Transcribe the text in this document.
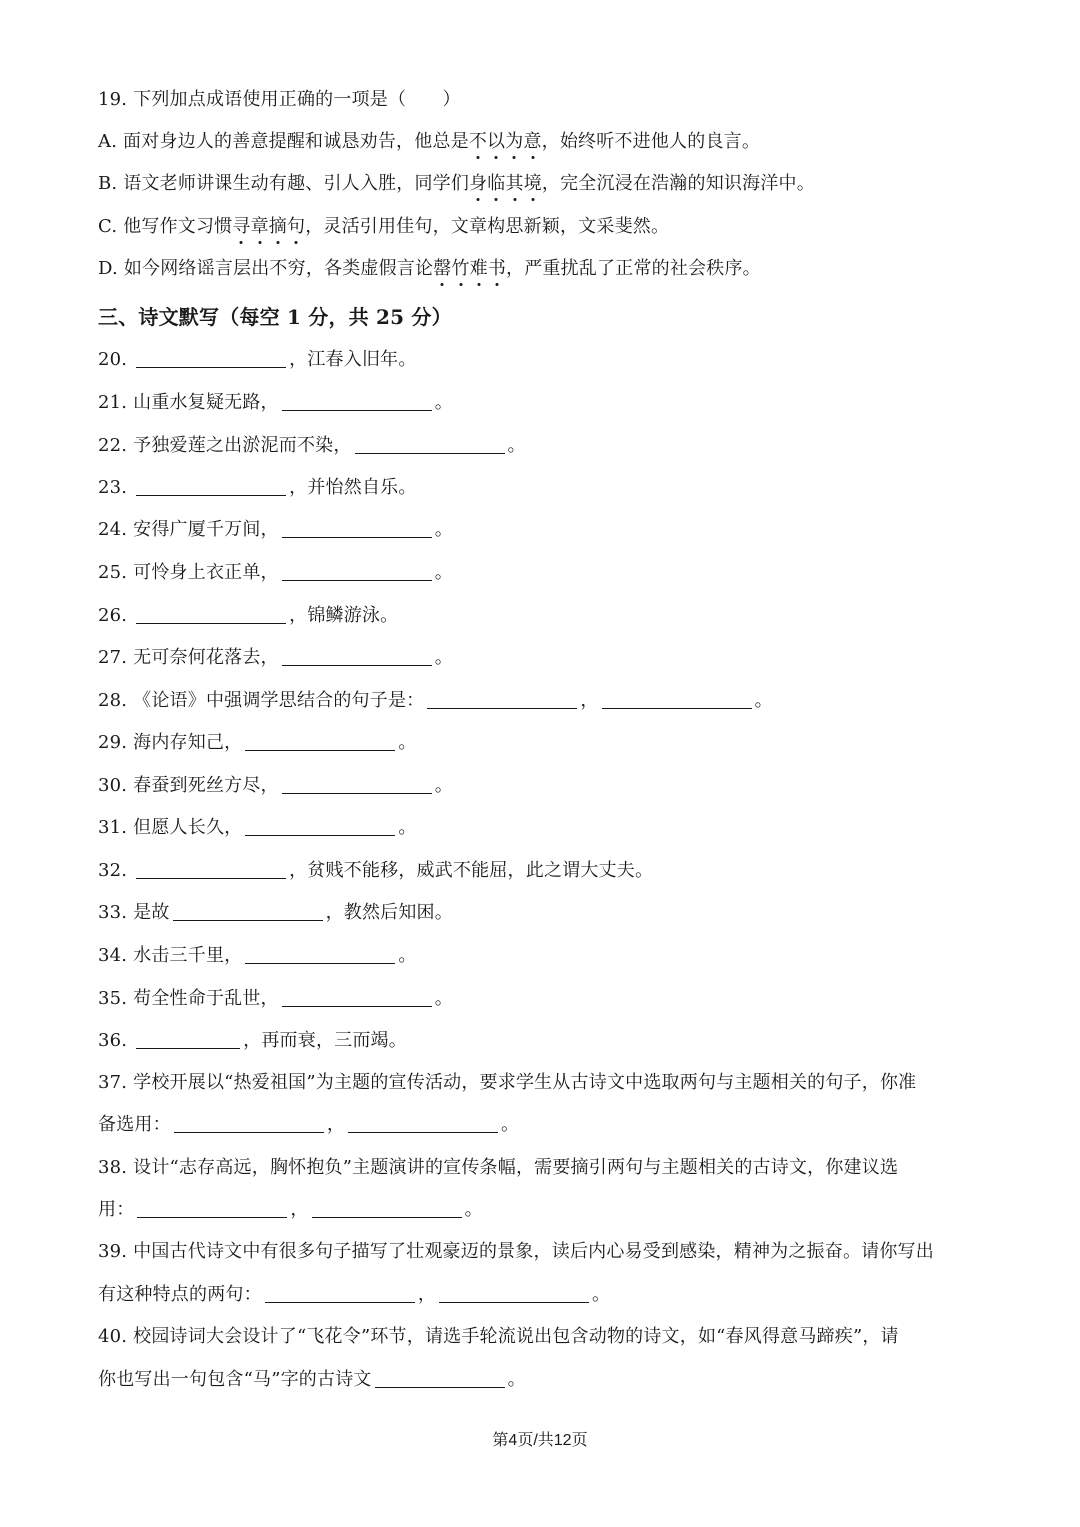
19. 下列加点成语使用正确的一项是（　　）
A. 面对身边人的善意提醒和诚恳劝告，他总是不以为意，始终听不进他人的良言。
B. 语文老师讲课生动有趣、引人入胜，同学们身临其境，完全沉浸在浩瀚的知识海洋中。
C. 他写作文习惯寻章摘句，灵活引用佳句，文章构思新颖，文采斐然。
D. 如今网络谣言层出不穷，各类虚假言论罄竹难书，严重扰乱了正常的社会秩序。
三、诗文默写（每空 1 分，共 25 分）
20.	，江春入旧年。
21. 山重水复疑无路，	。
22. 予独爱莲之出淤泥而不染，	。
23.	，并怡然自乐。
24. 安得广厦千万间，	。
25. 可怜身上衣正单，	。
26.	，锦鳞游泳。
27. 无可奈何花落去，	。
28. 《论语》中强调学思结合的句子是：	，	。
29. 海内存知己，	。
30. 春蚕到死丝方尽，	。
31. 但愿人长久，	。
32.	，贫贱不能移，威武不能屈，此之谓大丈夫。
33. 是故	，教然后知困。
34. 水击三千里，	。
35. 苟全性命于乱世，	。
36.	，再而衰，三而竭。
37. 学校开展以“热爱祖国”为主题的宣传活动，要求学生从古诗文中选取两句与主题相关的句子，你准
备选用：	，	。
38. 设计“志存高远，胸怀抱负”主题演讲的宣传条幅，需要摘引两句与主题相关的古诗文，你建议选
用：	，	。
39. 中国古代诗文中有很多句子描写了壮观豪迈的景象，读后内心易受到感染，精神为之振奋。请你写出
有这种特点的两句：	，	。
40. 校园诗词大会设计了“飞花令”环节，请选手轮流说出包含动物的诗文，如“春风得意马蹄疾”，请
你也写出一句包含“马”字的古诗文	。
第4页/共12页
